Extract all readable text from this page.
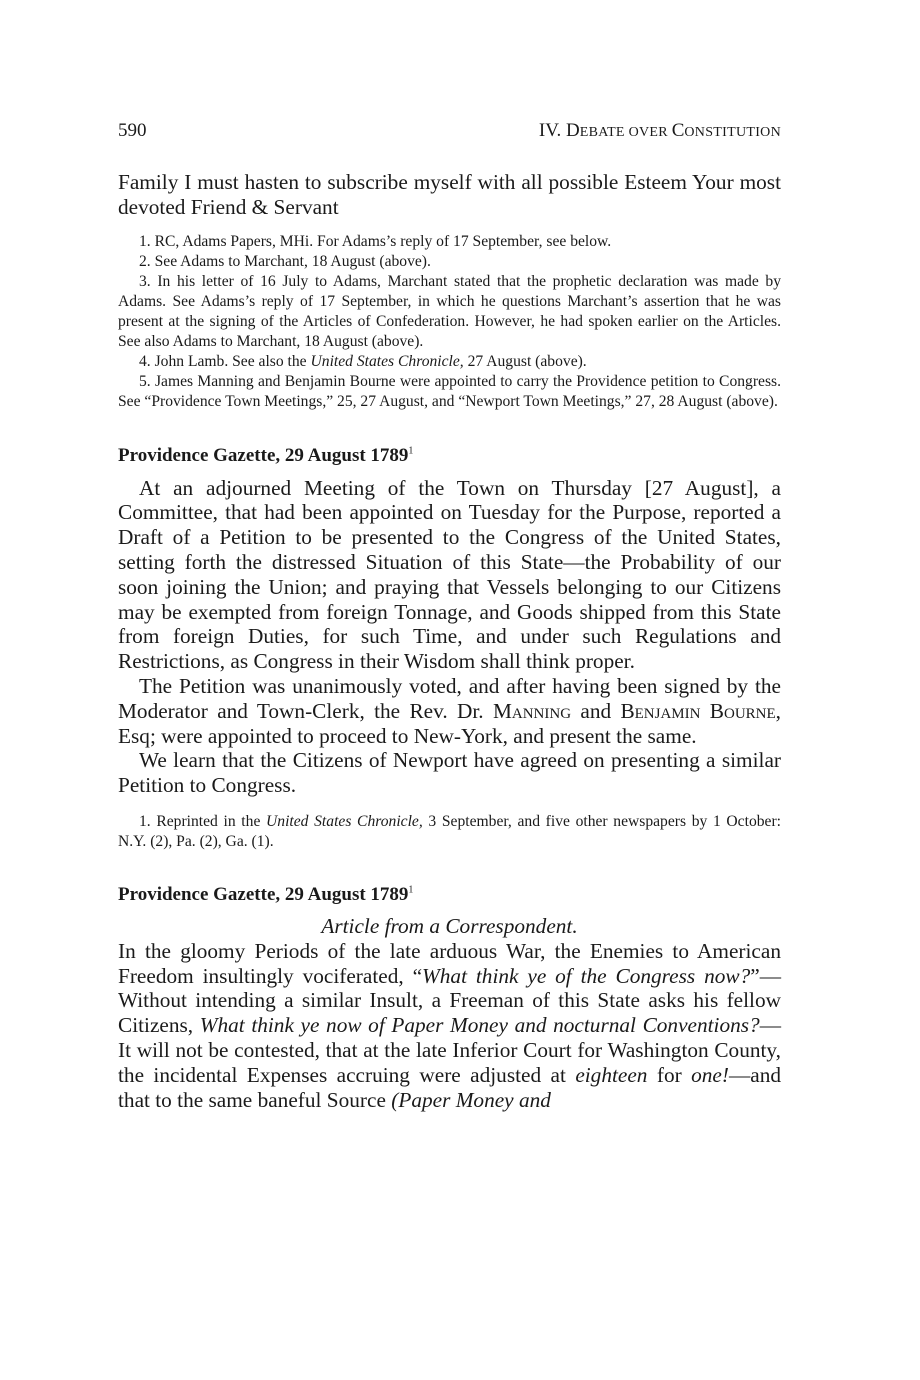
590	IV. DEBATE OVER CONSTITUTION

Family I must hasten to subscribe myself with all possible Esteem Your most devoted Friend & Servant

1. RC, Adams Papers, MHi. For Adams’s reply of 17 September, see below.

2. See Adams to Marchant, 18 August (above).

3. In his letter of 16 July to Adams, Marchant stated that the prophetic declaration was made by Adams. See Adams’s reply of 17 September, in which he questions Marchant’s assertion that he was present at the signing of the Articles of Confederation. However, he had spoken earlier on the Articles. See also Adams to Marchant, 18 August (above).

4. John Lamb. See also the United States Chronicle, 27 August (above).

5. James Manning and Benjamin Bourne were appointed to carry the Providence petition to Congress. See “Providence Town Meetings,” 25, 27 August, and “Newport Town Meetings,” 27, 28 August (above).

Providence Gazette, 29 August 1789$^1$

At an adjourned Meeting of the Town on Thursday [27 August], a Committee, that had been appointed on Tuesday for the Purpose, reported a Draft of a Petition to be presented to the Congress of the United States, setting forth the distressed Situation of this State—the Probability of our soon joining the Union; and praying that Vessels belonging to our Citizens may be exempted from foreign Tonnage, and Goods shipped from this State from foreign Duties, for such Time, and under such Regulations and Restrictions, as Congress in their Wisdom shall think proper.

The Petition was unanimously voted, and after having been signed by the Moderator and Town-Clerk, the Rev. Dr. Manning and Benjamin Bourne, Esq; were appointed to proceed to New-York, and present the same.

We learn that the Citizens of Newport have agreed on presenting a similar Petition to Congress.

1. Reprinted in the United States Chronicle, 3 September, and five other newspapers by 1 October: N.Y. (2), Pa. (2), Ga. (1).

Providence Gazette, 29 August 1789$^1$

Article from a Correspondent.

In the gloomy Periods of the late arduous War, the Enemies to American Freedom insultingly vociferated, “What think ye of the Congress now?”—Without intending a similar Insult, a Freeman of this State asks his fellow Citizens, What think ye now of Paper Money and nocturnal Conventions?—It will not be contested, that at the late Inferior Court for Washington County, the incidental Expenses accruing were adjusted at eighteen for one!—and that to the same baneful Source (Paper Money and
